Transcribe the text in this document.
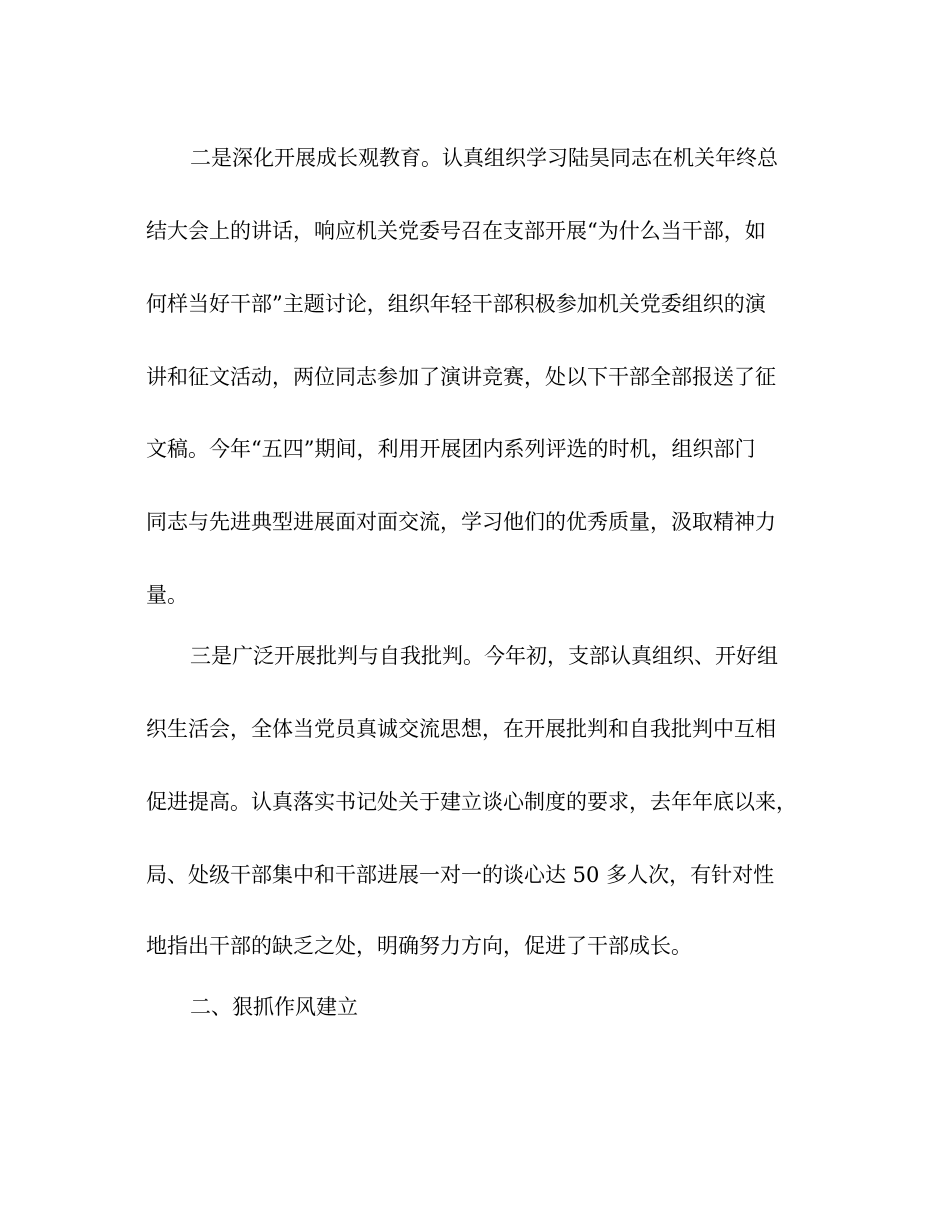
二是深化开展成长观教育。认真组织学习陆昊同志在机关年终总

结大会上的讲话，响应机关党委号召在支部开展“为什么当干部，如

何样当好干部”主题讨论，组织年轻干部积极参加机关党委组织的演

讲和征文活动，两位同志参加了演讲竞赛，处以下干部全部报送了征

文稿。今年“五四”期间，利用开展团内系列评选的时机，组织部门

同志与先进典型进展面对面交流，学习他们的优秀质量，汲取精神力

量。

三是广泛开展批判与自我批判。今年初，支部认真组织、开好组

织生活会，全体当党员真诚交流思想，在开展批判和自我批判中互相

促进提高。认真落实书记处关于建立谈心制度的要求，去年年底以来，

局、处级干部集中和干部进展一对一的谈心达 50 多人次，有针对性

地指出干部的缺乏之处，明确努力方向，促进了干部成长。

二、狠抓作风建立
